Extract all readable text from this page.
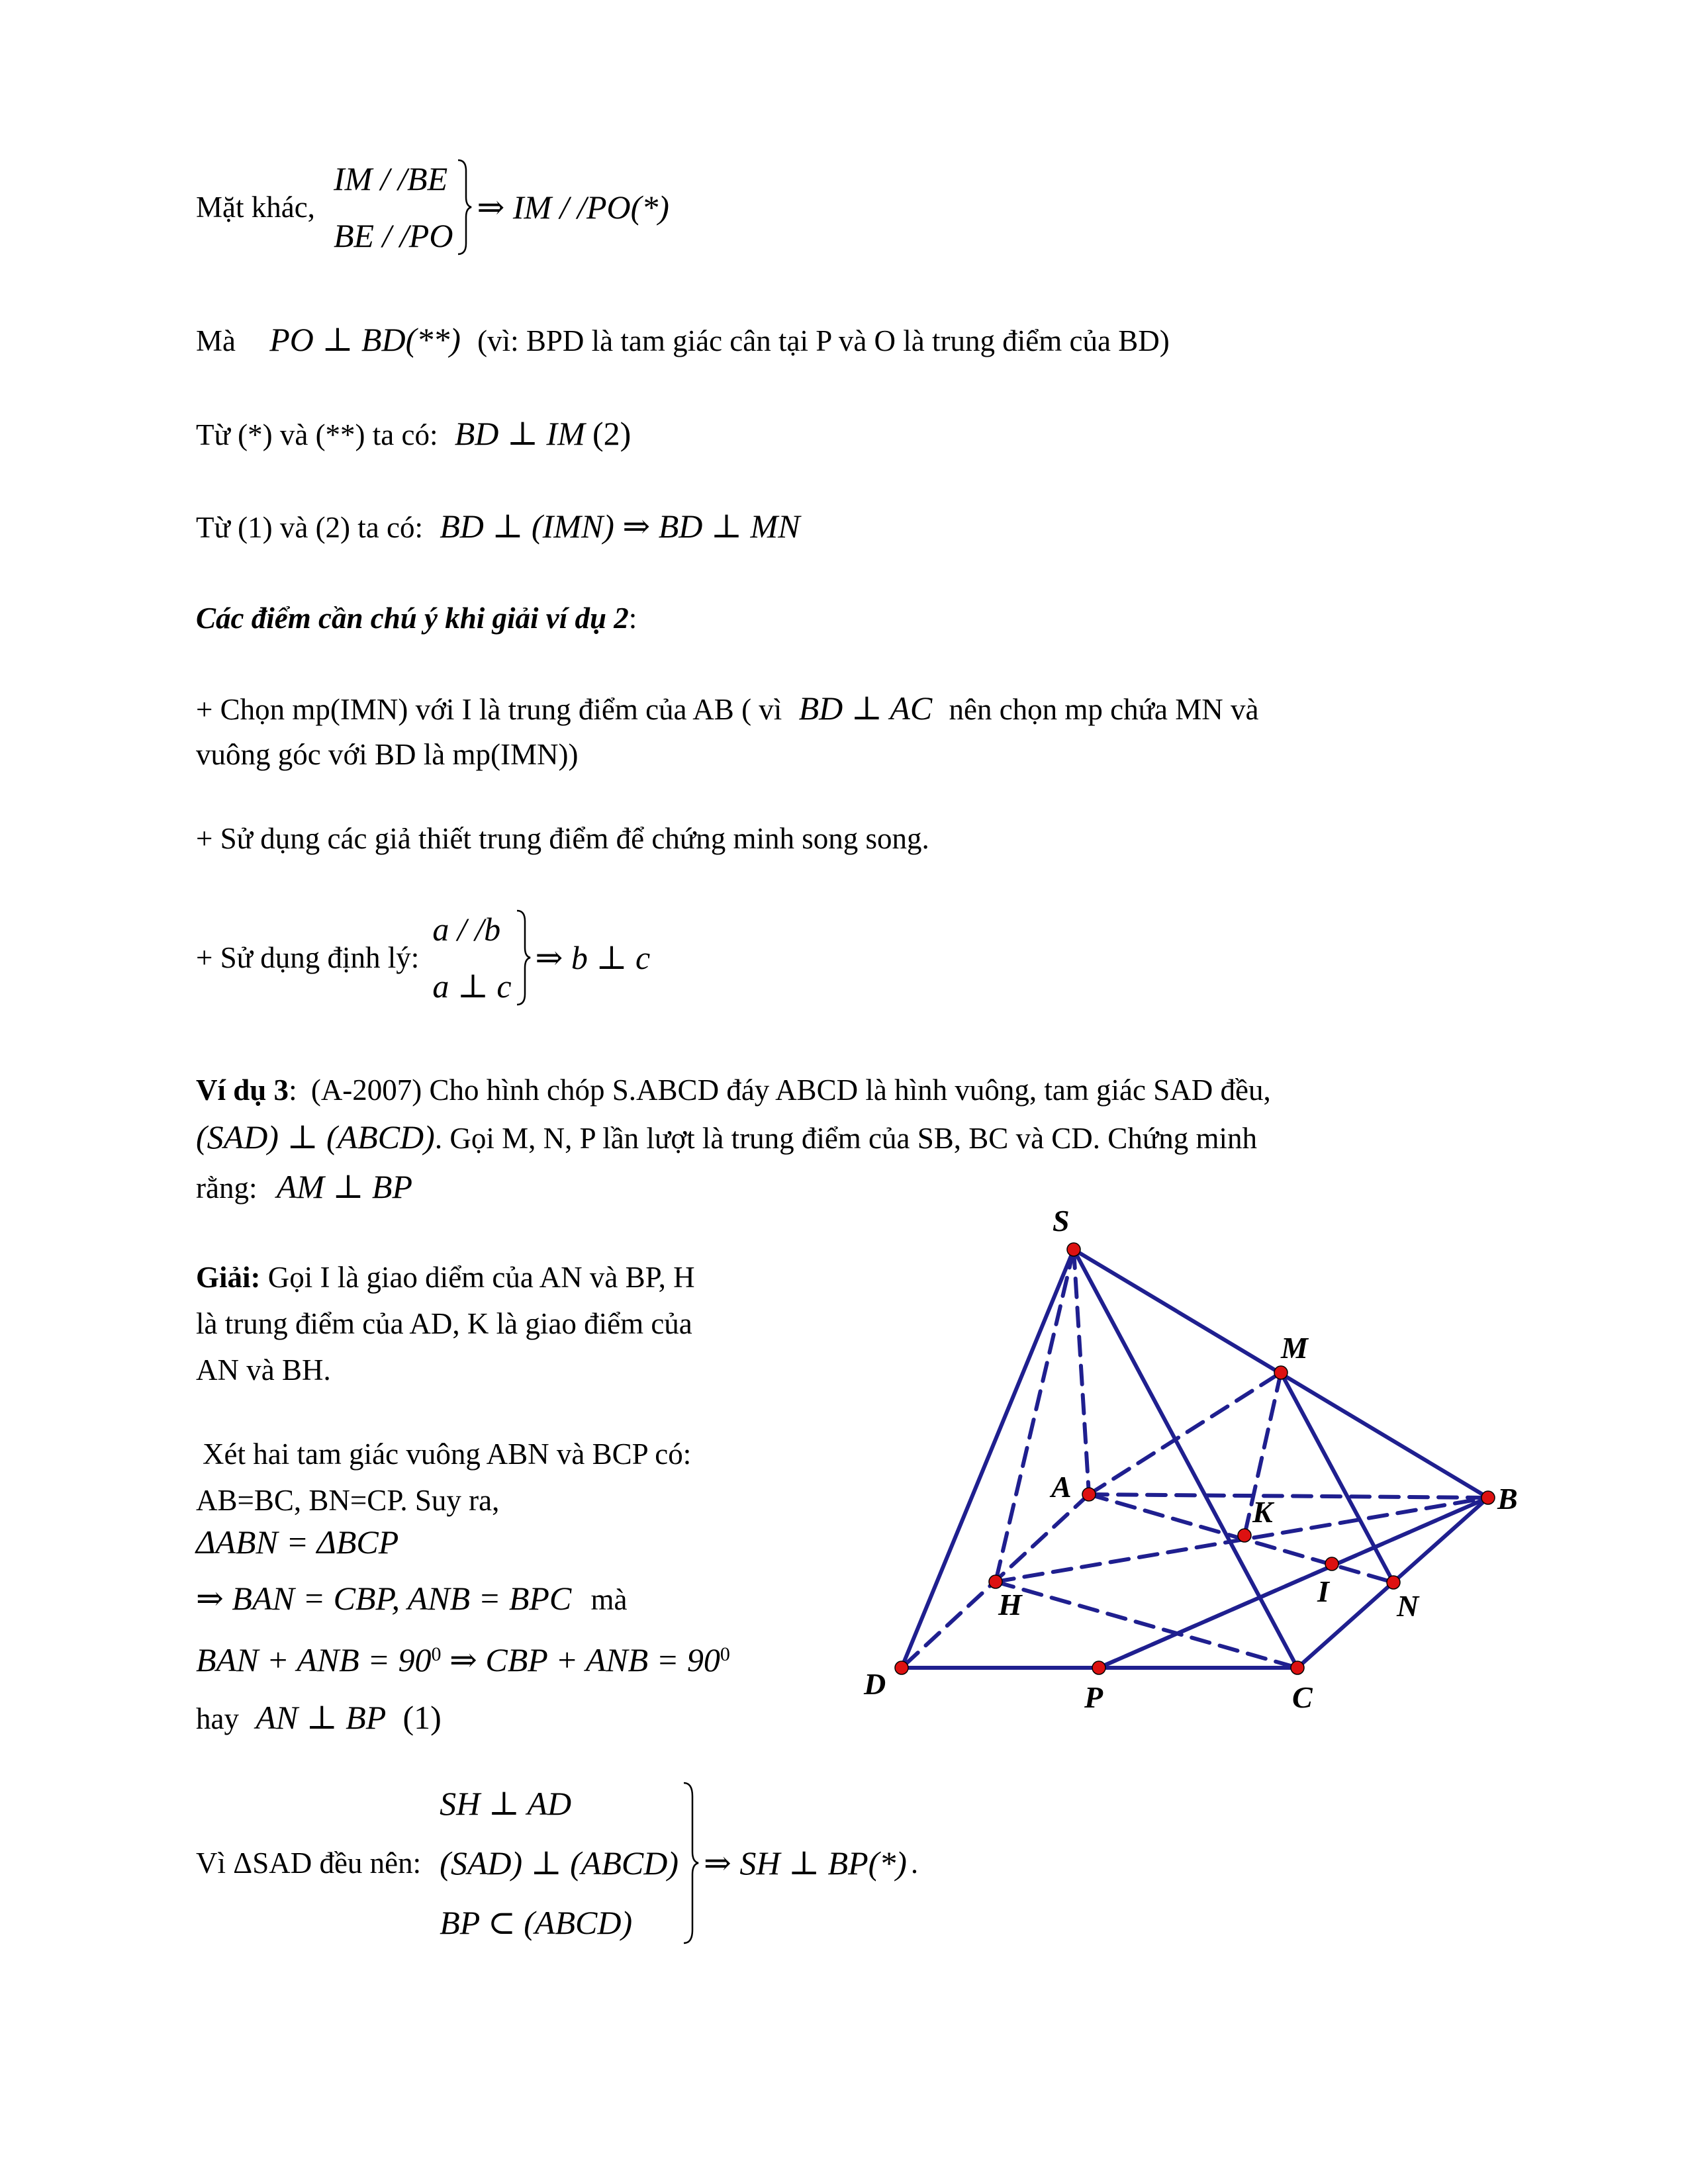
Mặt khác,
IM / /BE
BE / /PO
⇒ IM / /PO(*)
Mà PO ⊥ BD(**) (vì: BPD là tam giác cân tại P và O là trung điểm của BD)
Từ (*) và (**) ta có: BD ⊥ IM (2)
Từ (1) và (2) ta có: BD ⊥ (IMN) ⇒ BD ⊥ MN
Các điểm cần chú ý khi giải ví dụ 2:
+ Chọn mp(IMN) với I là trung điểm của AB ( vì BD ⊥ AC nên chọn mp chứa MN và
vuông góc với BD là mp(IMN))
+ Sử dụng các giả thiết trung điểm để chứng minh song song.
+ Sử dụng định lý:
a / /b
a ⊥ c
⇒ b ⊥ c
Ví dụ 3: (A-2007) Cho hình chóp S.ABCD đáy ABCD là hình vuông, tam giác SAD đều,
(SAD) ⊥ (ABCD). Gọi M, N, P lần lượt là trung điểm của SB, BC và CD. Chứng minh
rằng: AM ⊥ BP
Giải: Gọi I là giao diểm của AN và BP, H
là trung điểm của AD, K là giao điểm của
AN và BH.
Xét hai tam giác vuông ABN và BCP có:
AB=BC, BN=CP. Suy ra,
ΔABN = ΔBCP
⇒ BAN = CBP, ANB = BPC mà
BAN + ANB = $90^0$ ⇒ CBP + ANB = $90^0$
hay AN ⊥ BP (1)
Vì ΔSAD đều nên:
SH ⊥ AD
(SAD) ⊥ (ABCD)
BP ⊂ (ABCD)
⇒ SH ⊥ BP(*) .
S
M
A
K	B
H	I N
D	P	C
